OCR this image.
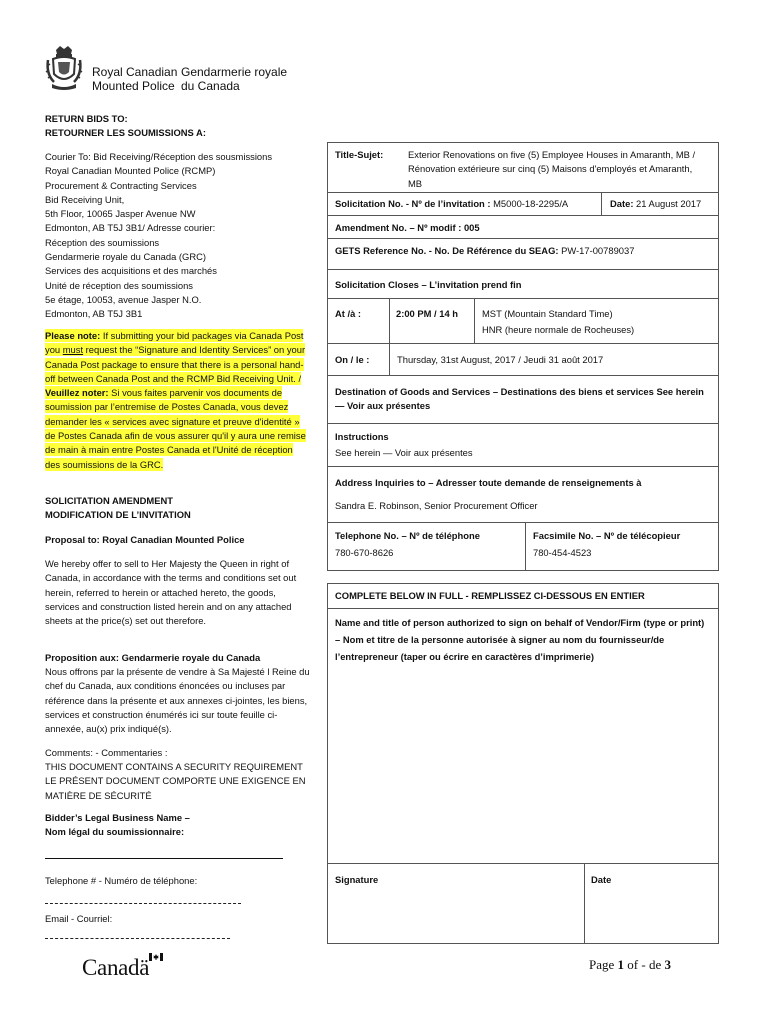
Royal Canadian
Mounted Police
Gendarmerie royale
du Canada
RETURN BIDS TO:
RETOURNER LES SOUMISSIONS A:
Courier To: Bid Receiving/Réception des sousmissions
Royal Canadian Mounted Police (RCMP)
Procurement & Contracting Services
Bid Receiving Unit,
5th Floor, 10065 Jasper Avenue NW
Edmonton, AB T5J 3B1/ Adresse courier:
Réception des soumissions
Gendarmerie royale du Canada (GRC)
Services des acquisitions et des marchés
Unité de réception des soumissions
5e étage, 10053, avenue Jasper N.O.
Edmonton, AB T5J 3B1
Please note: If submitting your bid packages via Canada Post you must request the “Signature and Identity Services” on your Canada Post package to ensure that there is a personal hand-off between Canada Post and the RCMP Bid Receiving Unit. / Veuillez noter: Si vous faites parvenir vos documents de soumission par l’entremise de Postes Canada, vous devez demander les « services avec signature et preuve d'identité » de Postes Canada afin de vous assurer qu'il y aura une remise de main à main entre Postes Canada et l'Unité de réception des soumissions de la GRC.
SOLICITATION AMENDMENT
MODIFICATION DE L’INVITATION
Proposal to: Royal Canadian Mounted Police
We hereby offer to sell to Her Majesty the Queen in right of Canada, in accordance with the terms and conditions set out herein, referred to herein or attached hereto, the goods, services and construction listed herein and on any attached sheets at the price(s) set out therefore.
Proposition aux: Gendarmerie royale du Canada
Nous offrons par la présente de vendre à Sa Majesté l Reine du chef du Canada, aux conditions énoncées ou incluses par référence dans la présente et aux annexes ci-jointes, les biens, services et construction énumérés ici sur toute feuille ci-annexée, au(x) prix indiqué(s).
Comments: - Commentaries :
THIS DOCUMENT CONTAINS A SECURITY REQUIREMENT
LE PRÉSENT DOCUMENT COMPORTE UNE EXIGENCE EN
MATIÈRE DE SÉCURITÉ
Bidder’s Legal Business Name –
Nom légal du soumissionnaire:
Telephone # - Numéro de téléphone:
Email - Courriel:
Title-Sujet:	Exterior Renovations on five (5) Employee Houses in Amaranth, MB / Rénovation extérieure sur cinq (5) Maisons d'employés et Amaranth, MB
Solicitation No. - Nº de l’invitation : M5000-18-2295/A	Date: 21 August 2017
Amendment No. – Nº modif : 005
GETS Reference No. - No. De Référence du SEAG: PW-17-00789037
Solicitation Closes – L’invitation prend fin
At /à :	2:00 PM / 14 h	MST (Mountain Standard Time)
HNR (heure normale de Rocheuses)
On / le :	Thursday, 31st August, 2017 / Jeudi 31 août 2017
Destination of Goods and Services – Destinations des biens et services See herein — Voir aux présentes
Instructions
See herein — Voir aux présentes
Address Inquiries to – Adresser toute demande de renseignements à
Sandra E. Robinson, Senior Procurement Officer
Telephone No. – Nº de téléphone
780-670-8626
Facsimile No. – Nº de télécopieur
780-454-4523
COMPLETE BELOW IN FULL - REMPLISSEZ CI-DESSOUS EN ENTIER
Name and title of person authorized to sign on behalf of Vendor/Firm (type or print) – Nom et titre de la personne autorisée à signer au nom du fournisseur/de l’entrepreneur (taper ou écrire en caractères d’imprimerie)
Signature	Date
Canadä	Page 1 of - de 3
